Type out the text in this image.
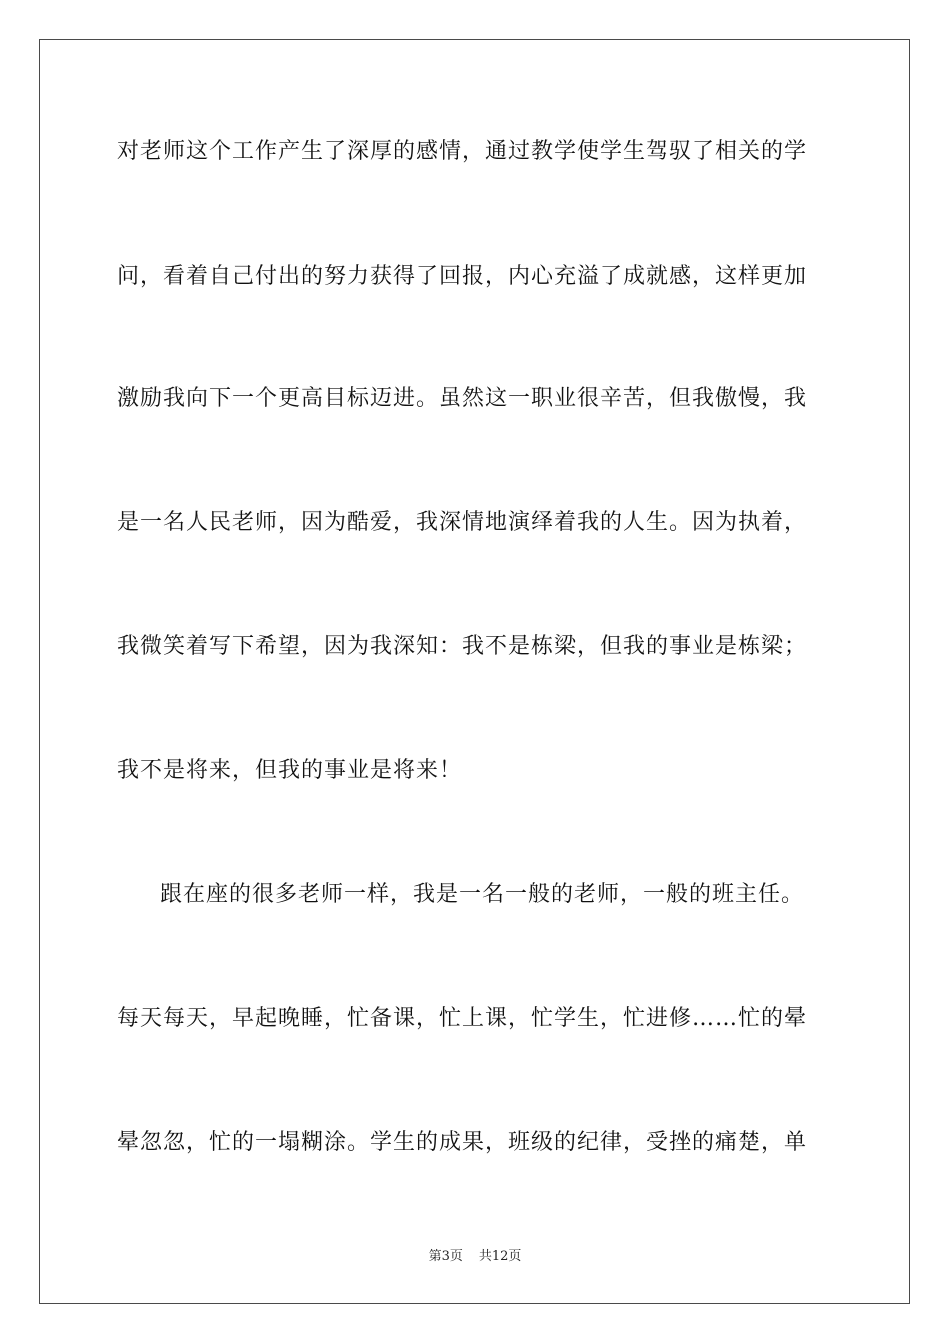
对老师这个工作产生了深厚的感情，通过教学使学生驾驭了相关的学
问，看着自己付出的努力获得了回报，内心充溢了成就感，这样更加
激励我向下一个更高目标迈进。虽然这一职业很辛苦，但我傲慢，我
是一名人民老师，因为酷爱，我深情地演绎着我的人生。因为执着，
我微笑着写下希望，因为我深知：我不是栋梁，但我的事业是栋梁；
我不是将来，但我的事业是将来！
跟在座的很多老师一样，我是一名一般的老师，一般的班主任。
每天每天，早起晚睡，忙备课，忙上课，忙学生，忙进修……忙的晕
晕忽忽，忙的一塌糊涂。学生的成果，班级的纪律，受挫的痛楚，单
第3页 共12页
